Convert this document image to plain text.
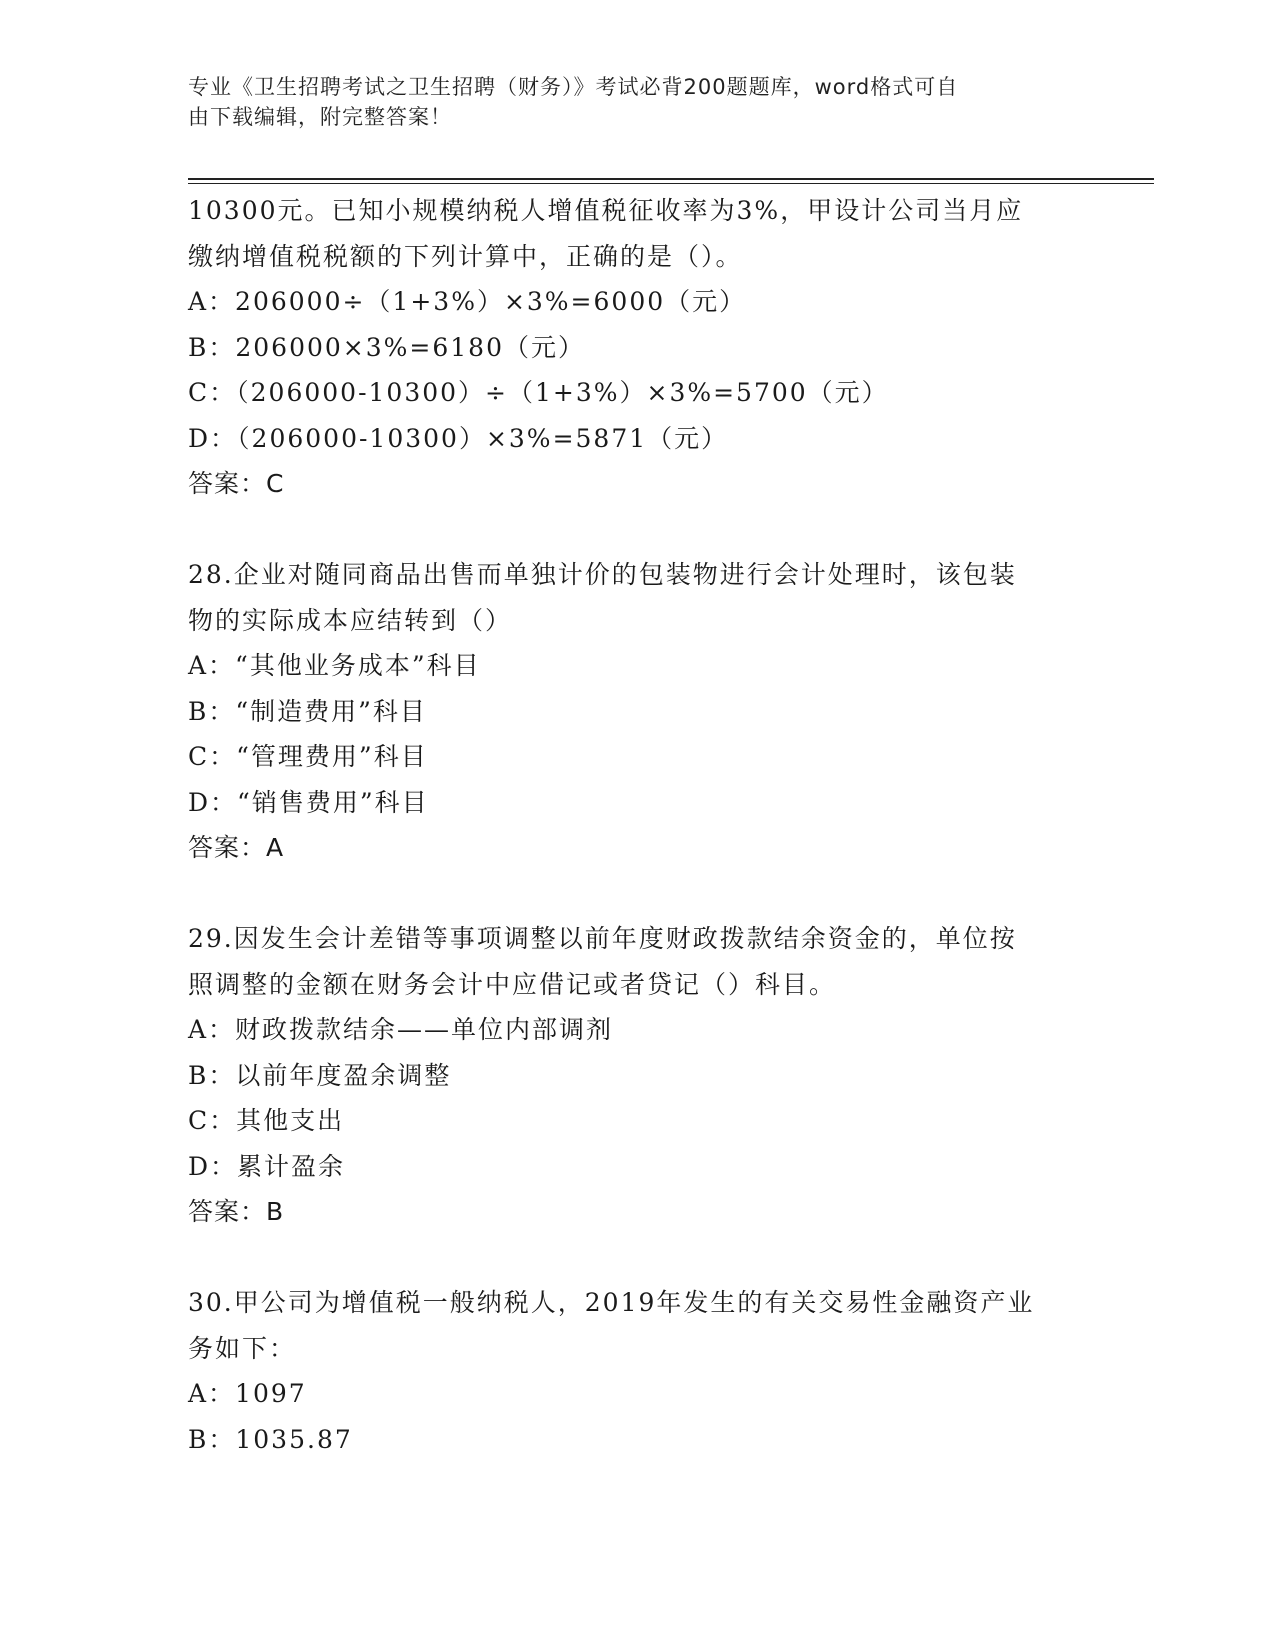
专业《卫生招聘考试之卫生招聘（财务）》考试必背200题题库，word格式可自
由下载编辑，附完整答案！
10300元。已知小规模纳税人增值税征收率为3%，甲设计公司当月应
缴纳增值税税额的下列计算中，正确的是（）。
A：206000÷（1+3%）×3%=6000（元）
B：206000×3%=6180（元）
C：（206000-10300）÷（1+3%）×3%=5700（元）
D：（206000-10300）×3%=5871（元）
答案：C
28.企业对随同商品出售而单独计价的包装物进行会计处理时，该包装
物的实际成本应结转到（）
A：“其他业务成本”科目
B：“制造费用”科目
C：“管理费用”科目
D：“销售费用”科目
答案：A
29.因发生会计差错等事项调整以前年度财政拨款结余资金的，单位按
照调整的金额在财务会计中应借记或者贷记（）科目。
A：财政拨款结余——单位内部调剂
B：以前年度盈余调整
C：其他支出
D：累计盈余
答案：B
30.甲公司为增值税一般纳税人，2019年发生的有关交易性金融资产业
务如下：
A：1097
B：1035.87
